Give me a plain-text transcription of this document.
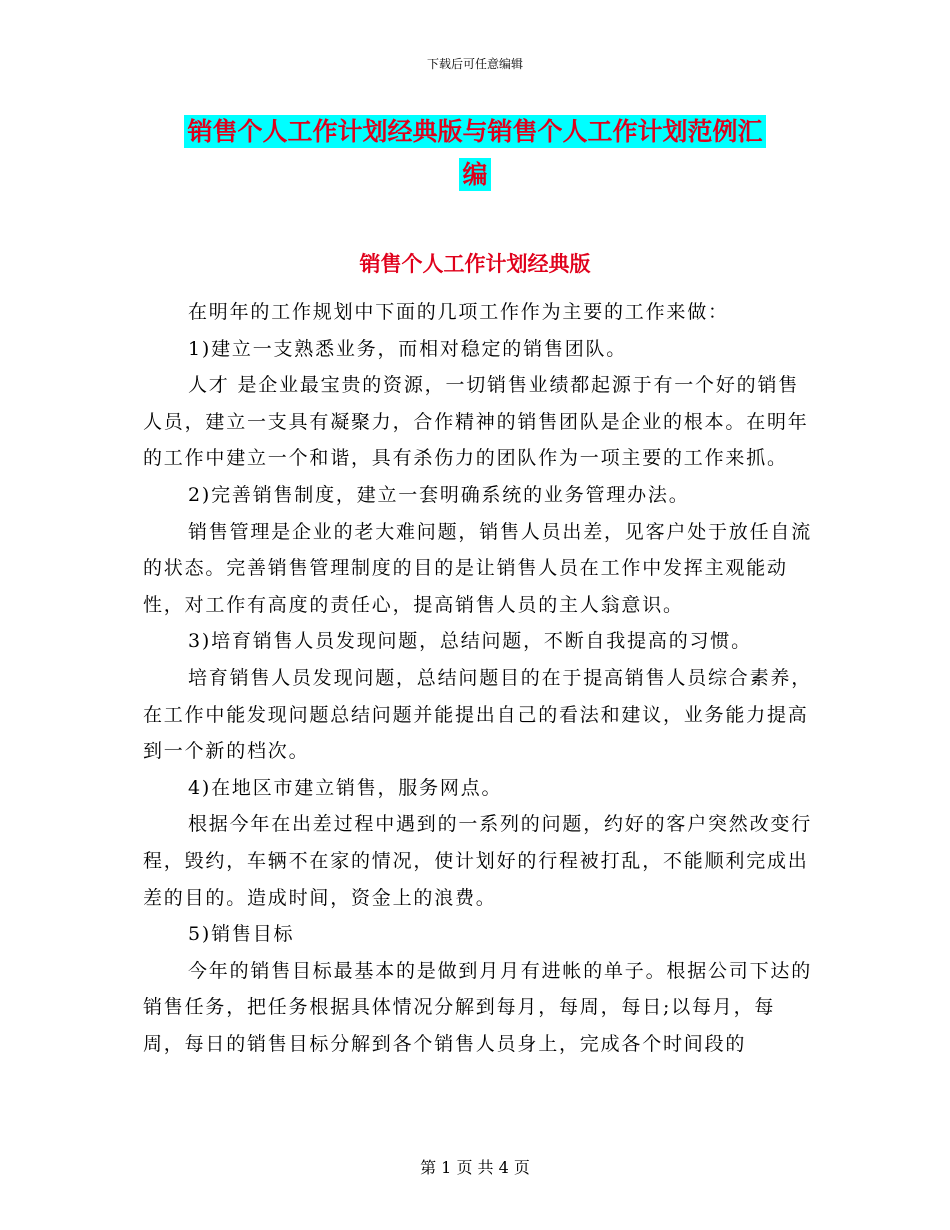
下载后可任意编辑
销售个人工作计划经典版与销售个人工作计划范例汇
编
销售个人工作计划经典版

在明年的工作规划中下面的几项工作作为主要的工作来做：

1)建立一支熟悉业务，而相对稳定的销售团队。

人才 是企业最宝贵的资源，一切销售业绩都起源于有一个好的销售人员，建立一支具有凝聚力，合作精神的销售团队是企业的根本。在明年的工作中建立一个和谐，具有杀伤力的团队作为一项主要的工作来抓。

2)完善销售制度，建立一套明确系统的业务管理办法。

销售管理是企业的老大难问题，销售人员出差，见客户处于放任自流的状态。完善销售管理制度的目的是让销售人员在工作中发挥主观能动性，对工作有高度的责任心，提高销售人员的主人翁意识。

3)培育销售人员发现问题，总结问题，不断自我提高的习惯。

培育销售人员发现问题，总结问题目的在于提高销售人员综合素养，在工作中能发现问题总结问题并能提出自己的看法和建议，业务能力提高到一个新的档次。

4)在地区市建立销售，服务网点。

根据今年在出差过程中遇到的一系列的问题，约好的客户突然改变行程，毁约，车辆不在家的情况，使计划好的行程被打乱，不能顺利完成出差的目的。造成时间，资金上的浪费。

5)销售目标

今年的销售目标最基本的是做到月月有进帐的单子。根据公司下达的销售任务，把任务根据具体情况分解到每月，每周，每日;以每月，每周，每日的销售目标分解到各个销售人员身上，完成各个时间段的

第 1 页 共 4 页
